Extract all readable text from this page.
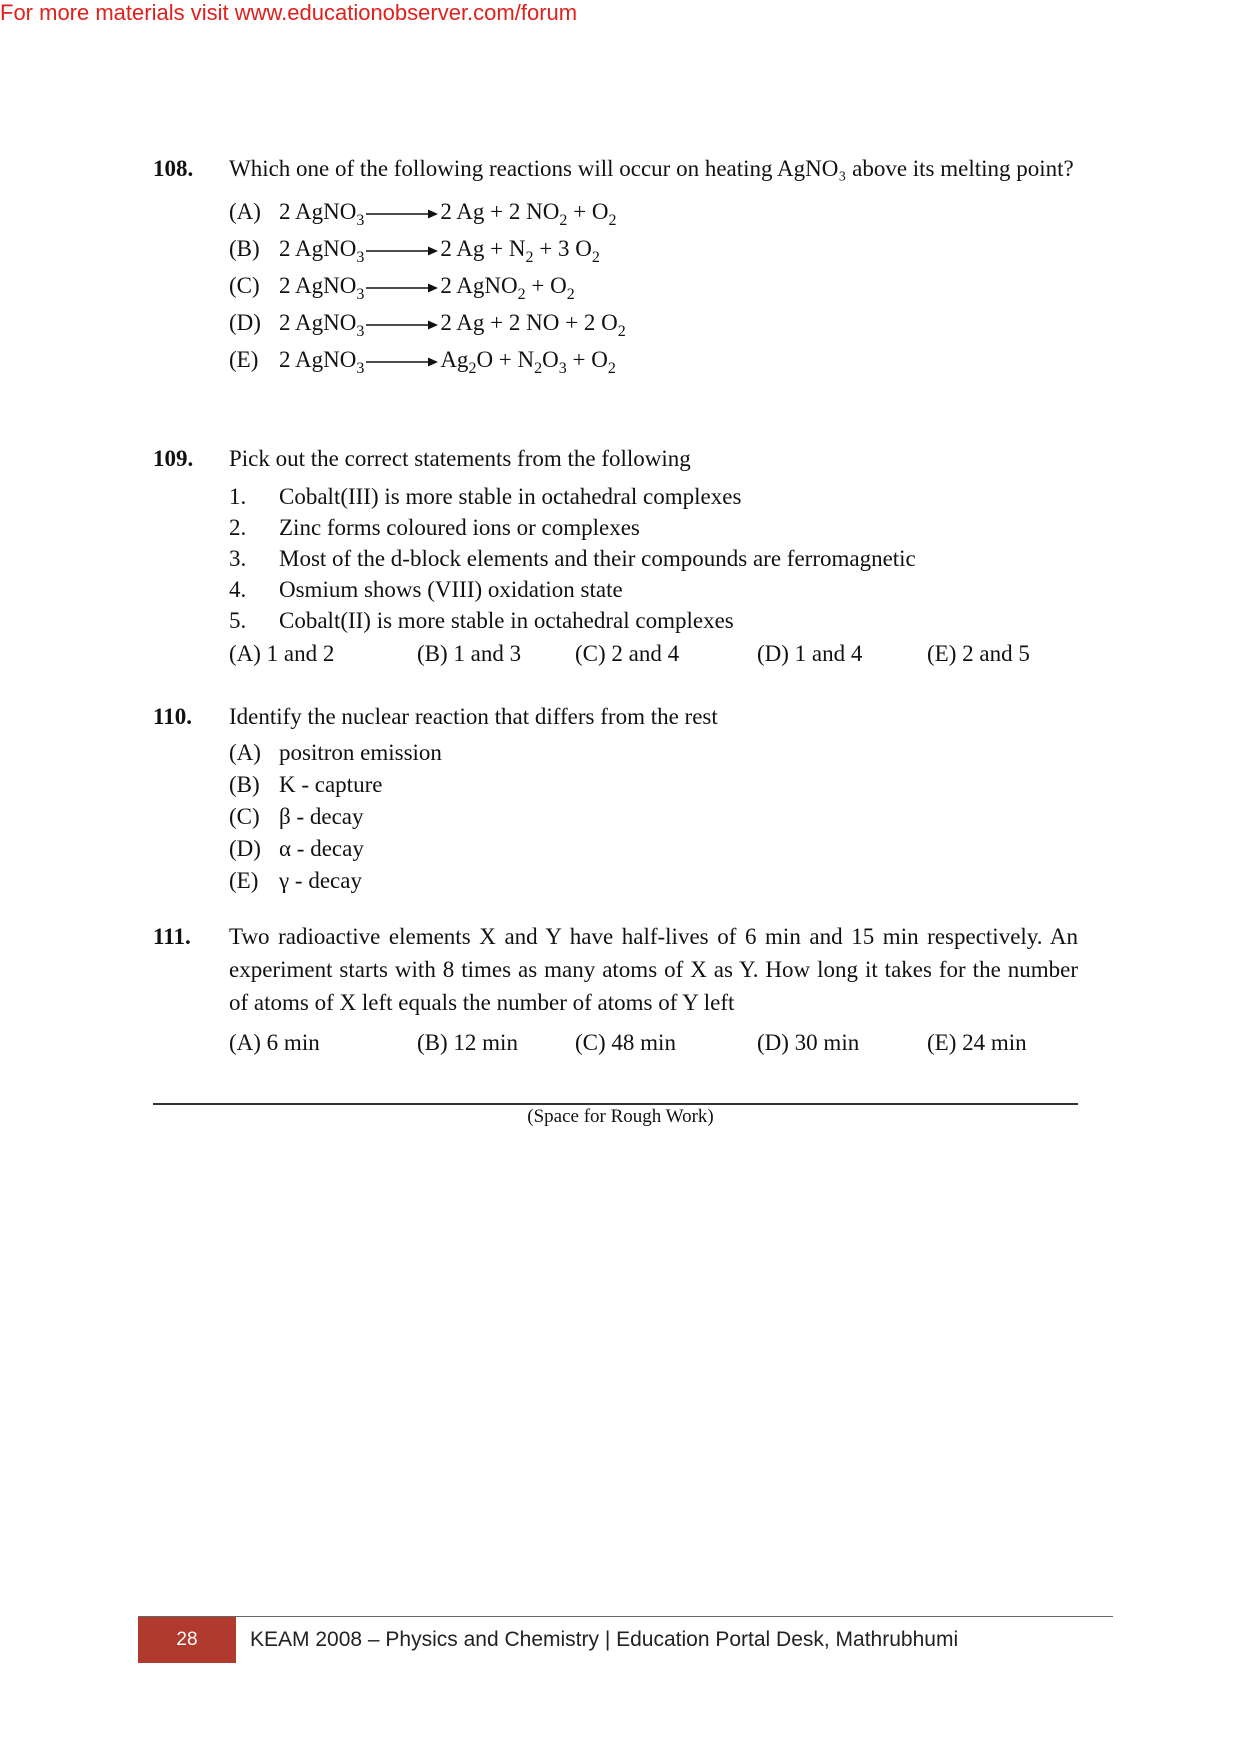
For more materials visit www.educationobserver.com/forum
108. Which one of the following reactions will occur on heating AgNO₃ above its melting point?
(A) 2 AgNO$_3$ → 2 Ag + 2 $NO_2 + O_2$
(B) 2 AgNO$_3$ → 2 $Ag + N_2 + 3$ $O_2$
(C) 2 AgNO$_3$ → 2 AgNO$_2$ + $O_2$
(D) 2 AgNO$_3$ → 2 Ag + 2 NO + 2 $O_2$
(E) 2 AgNO$_3$ → $Ag_2O + N_2O_3 + O_2$
109. Pick out the correct statements from the following
1. Cobalt(III) is more stable in octahedral complexes
2. Zinc forms coloured ions or complexes
3. Most of the d-block elements and their compounds are ferromagnetic
4. Osmium shows (VIII) oxidation state
5. Cobalt(II) is more stable in octahedral complexes
(A) 1 and 2	(B) 1 and 3	(C) 2 and 4	(D) 1 and 4	(E) 2 and 5
110. Identify the nuclear reaction that differs from the rest
(A) positron emission
(B) K - capture
(C) β - decay
(D) α - decay
(E) γ - decay
111. Two radioactive elements X and Y have half-lives of 6 min and 15 min respectively. An experiment starts with 8 times as many atoms of X as Y. How long it takes for the number of atoms of X left equals the number of atoms of Y left
(A) 6 min	(B) 12 min	(C) 48 min	(D) 30 min	(E) 24 min
(Space for Rough Work)
28	KEAM 2008 – Physics and Chemistry | Education Portal Desk, Mathrubhumi
